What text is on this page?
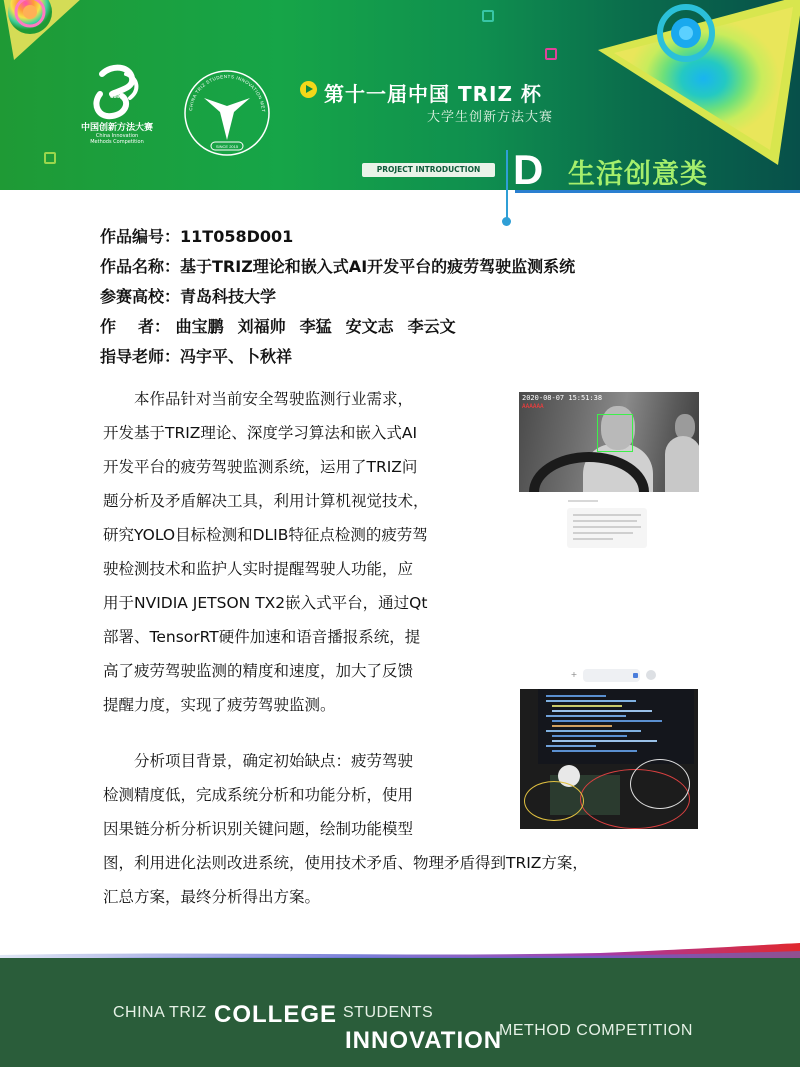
CIMC
中国创新方法大赛
China Innovation
Methods Competition
CHINA TRIZ STUDENTS INNOVATION MET
SINCE 2015
第十一届中国 TRIZ 杯
大学生创新方法大赛
PROJECT INTRODUCTION D 生活创意类
作品编号：11T058D001
作品名称：基于TRIZ理论和嵌入式AI开发平台的疲劳驾驶监测系统
参赛高校：青岛科技大学
作 者： 曲宝鹏 刘福帅 李猛 安文志 李云文
指导老师：冯宇平、卜秋祥
　　本作品针对当前安全驾驶监测行业需求，
开发基于TRIZ理论、深度学习算法和嵌入式AI
开发平台的疲劳驾驶监测系统，运用了TRIZ问
题分析及矛盾解决工具，利用计算机视觉技术，
研究YOLO目标检测和DLIB特征点检测的疲劳驾
驶检测技术和监护人实时提醒驾驶人功能，应
用于NVIDIA JETSON TX2嵌入式平台，通过Qt
部署、TensorRT硬件加速和语音播报系统，提
高了疲劳驾驶监测的精度和速度，加大了反馈
提醒力度，实现了疲劳驾驶监测。
　　分析项目背景，确定初始缺点：疲劳驾驶
检测精度低，完成系统分析和功能分析，使用
因果链分析分析识别关键问题，绘制功能模型
图，利用进化法则改进系统，使用技术矛盾、物理矛盾得到TRIZ方案，
汇总方案，最终分析得出方案。
2020-08-07 15:51:38
AAAAAA
+
CHINA TRIZ COLLEGE STUDENTS
INNOVATION
METHOD COMPETITION
